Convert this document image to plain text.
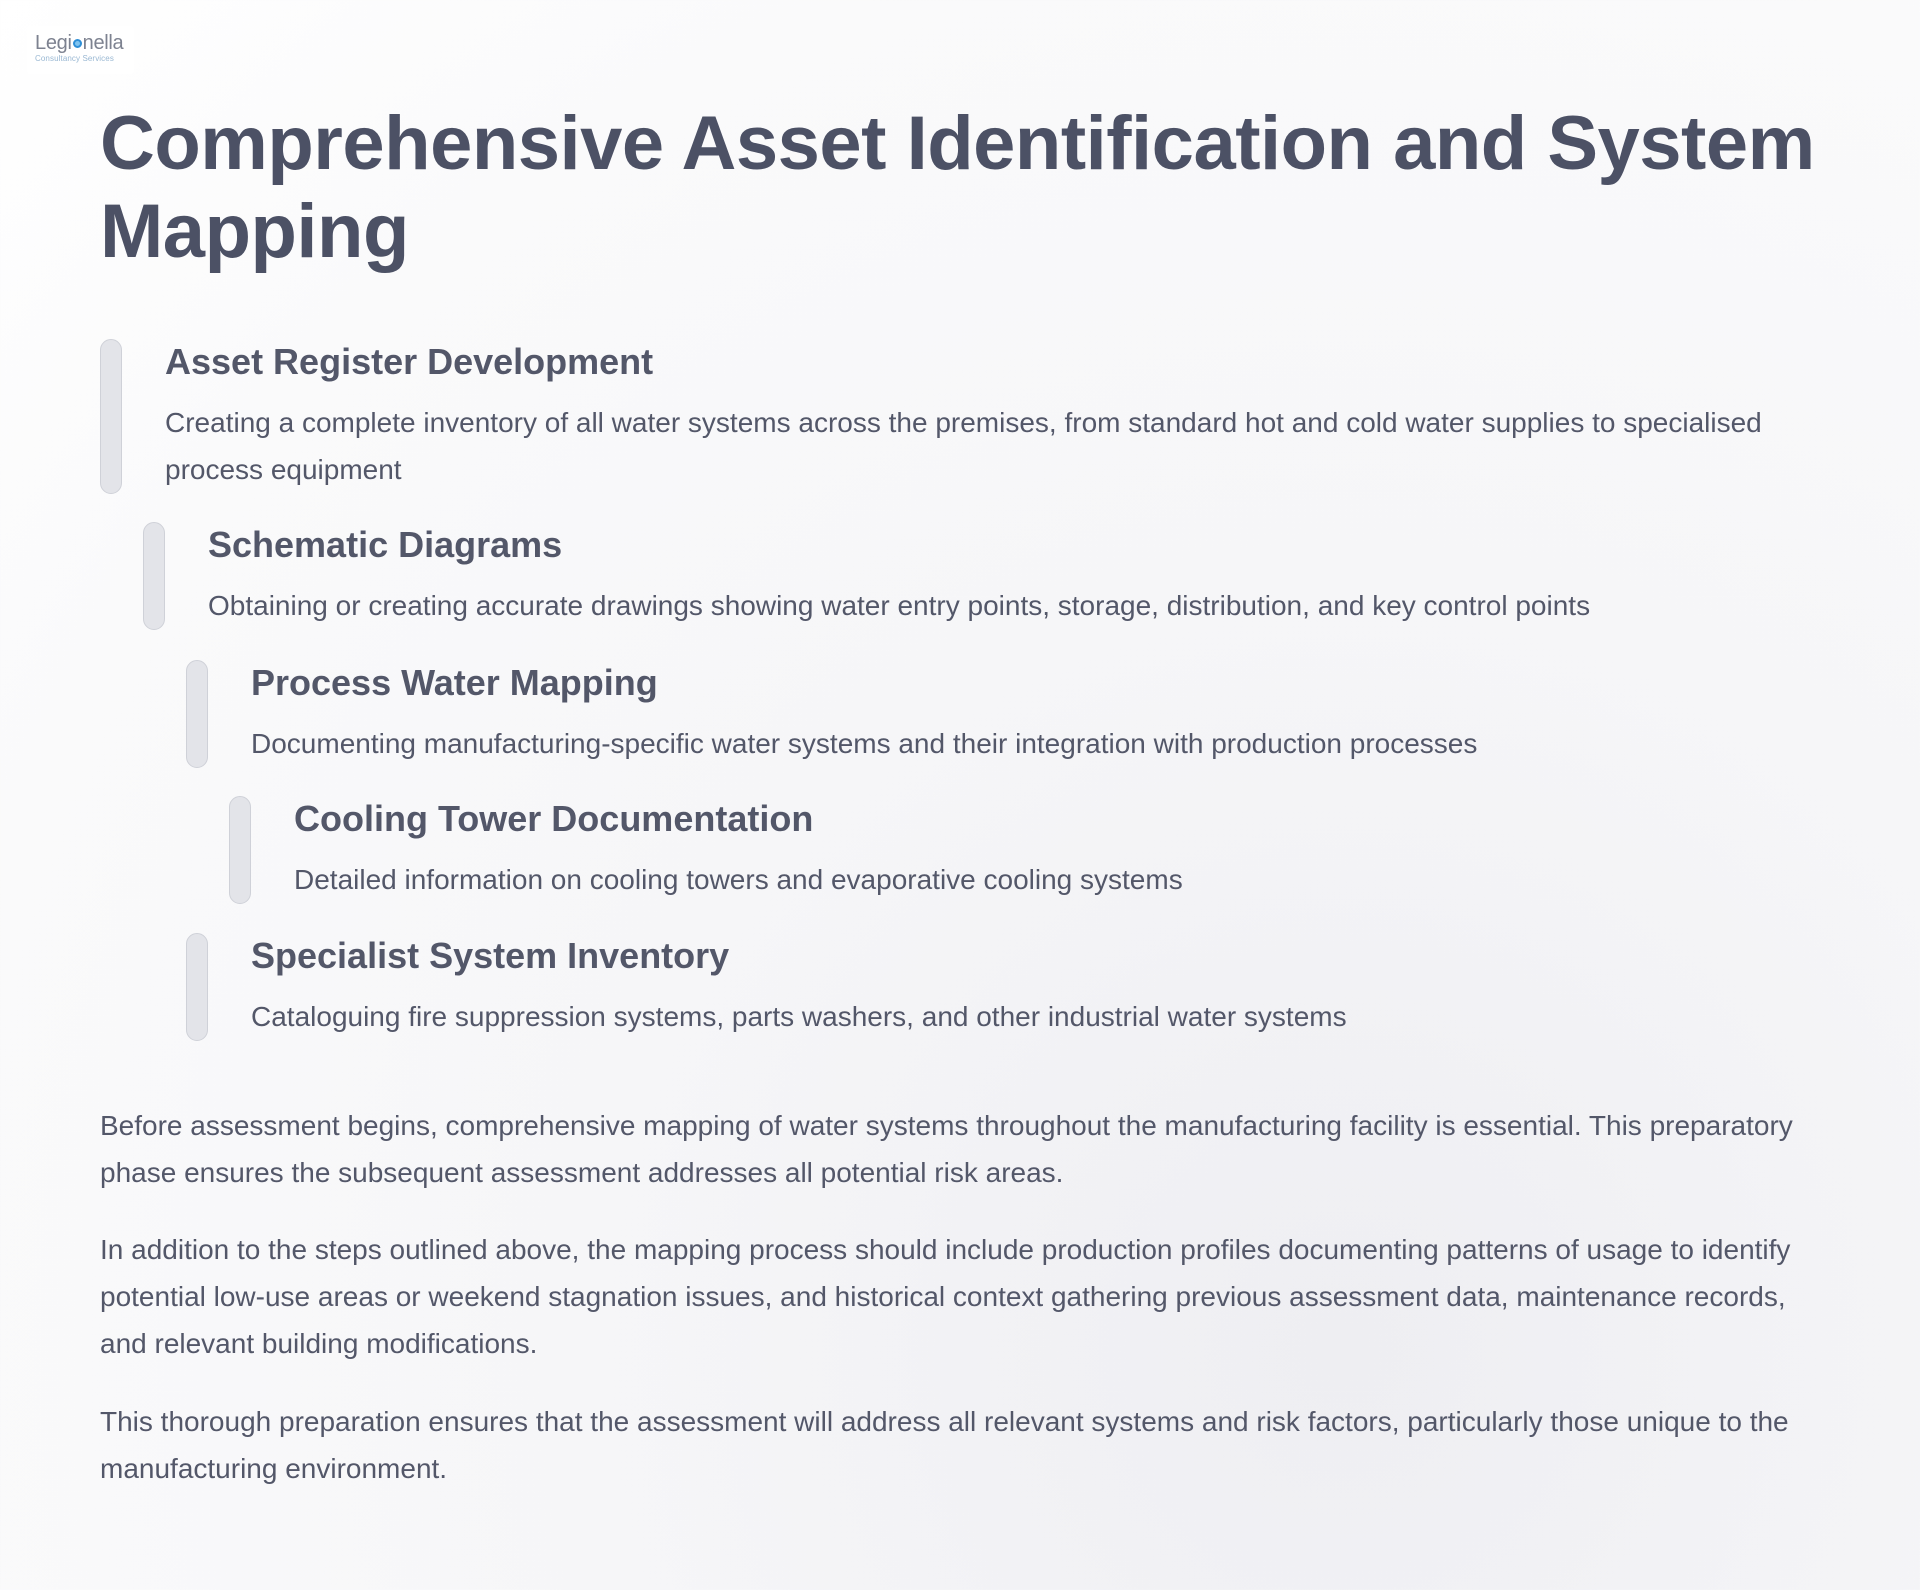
Legi nella
Consultancy Services
Comprehensive Asset Identification and System Mapping
Asset Register Development

Creating a complete inventory of all water systems across the premises, from standard hot and cold water supplies to specialised process equipment

Schematic Diagrams

Obtaining or creating accurate drawings showing water entry points, storage, distribution, and key control points

Process Water Mapping

Documenting manufacturing-specific water systems and their integration with production processes

Cooling Tower Documentation

Detailed information on cooling towers and evaporative cooling systems

Specialist System Inventory

Cataloguing fire suppression systems, parts washers, and other industrial water systems

Before assessment begins, comprehensive mapping of water systems throughout the manufacturing facility is essential. This preparatory phase ensures the subsequent assessment addresses all potential risk areas.

In addition to the steps outlined above, the mapping process should include production profiles documenting patterns of usage to identify potential low-use areas or weekend stagnation issues, and historical context gathering previous assessment data, maintenance records, and relevant building modifications.

This thorough preparation ensures that the assessment will address all relevant systems and risk factors, particularly those unique to the manufacturing environment.
